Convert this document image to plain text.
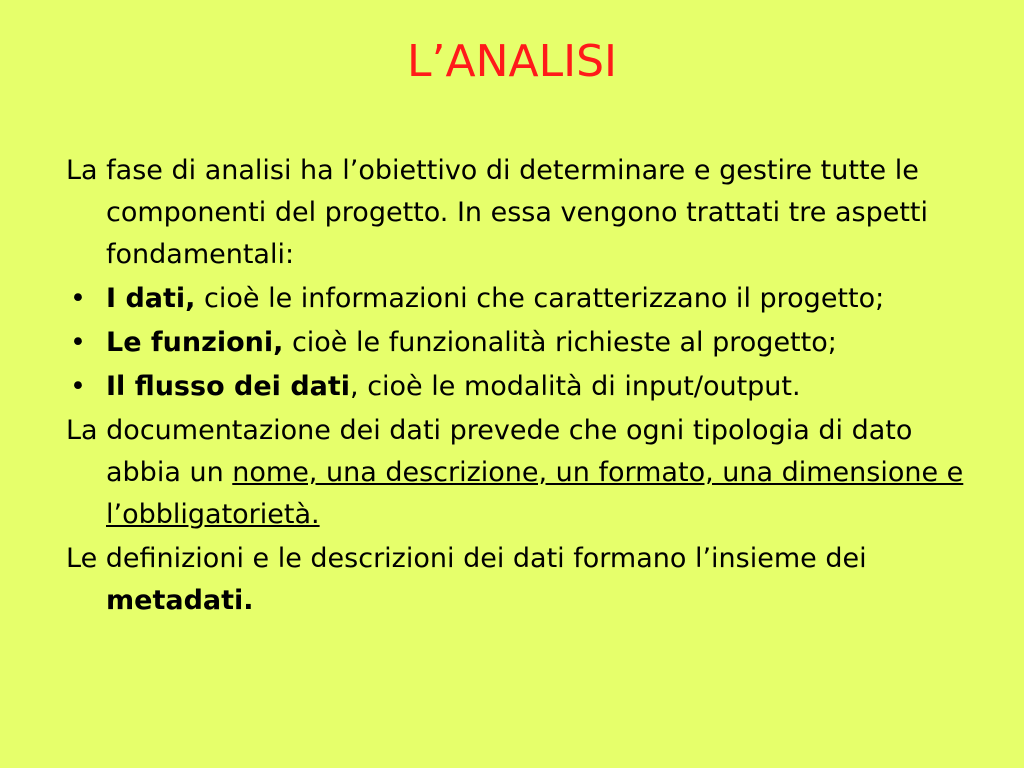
L’ANALISI

La fase di analisi ha l’obiettivo di determinare e gestire tutte le componenti del progetto. In essa vengono trattati tre aspetti fondamentali:

• I dati, cioè le informazioni che caratterizzano il progetto;
• Le funzioni, cioè le funzionalità richieste al progetto;
• Il flusso dei dati, cioè le modalità di input/output.

La documentazione dei dati prevede che ogni tipologia di dato abbia un nome, una descrizione, un formato, una dimensione e l’obbligatorietà.

Le definizioni e le descrizioni dei dati formano l’insieme dei metadati.
